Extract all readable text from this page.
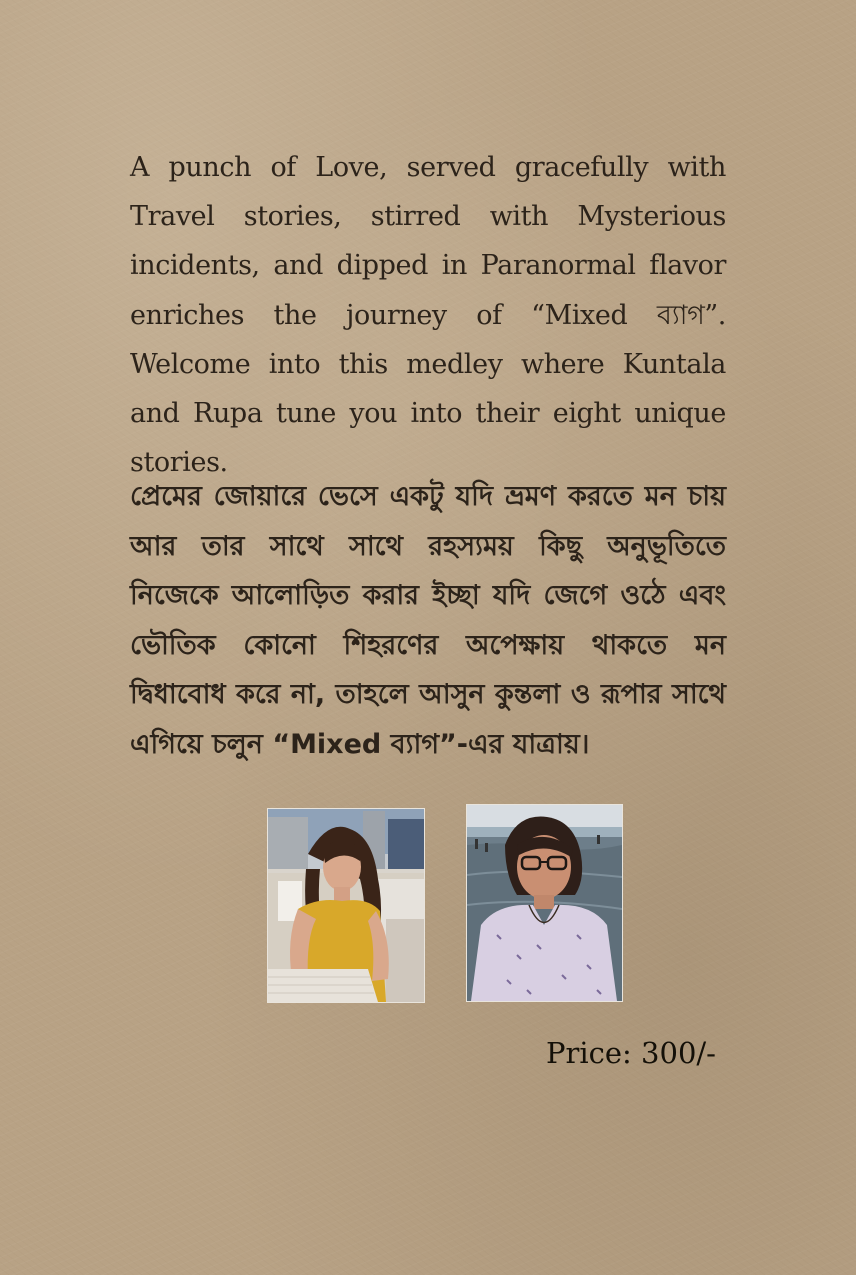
A punch of Love, served gracefully with Travel stories, stirred with Mysterious incidents, and dipped in Paranormal flavor enriches the journey of “Mixed ব্যাগ”. Welcome into this medley where Kuntala and Rupa tune you into their eight unique stories.

প্রেমের জোয়ারে ভেসে একটু যদি ভ্রমণ করতে মন চায় আর তার সাথে সাথে রহস্যময় কিছু অনুভূতিতে নিজেকে আলোড়িত করার ইচ্ছা যদি জেগে ওঠে এবং ভৌতিক কোনো শিহরণের অপেক্ষায় থাকতে মন দ্বিধাবোধ করে না, তাহলে আসুন কুন্তলা ও রূপার সাথে এগিয়ে চলুন “Mixed ব্যাগ”-এর যাত্রায়।

Price: 300/-
